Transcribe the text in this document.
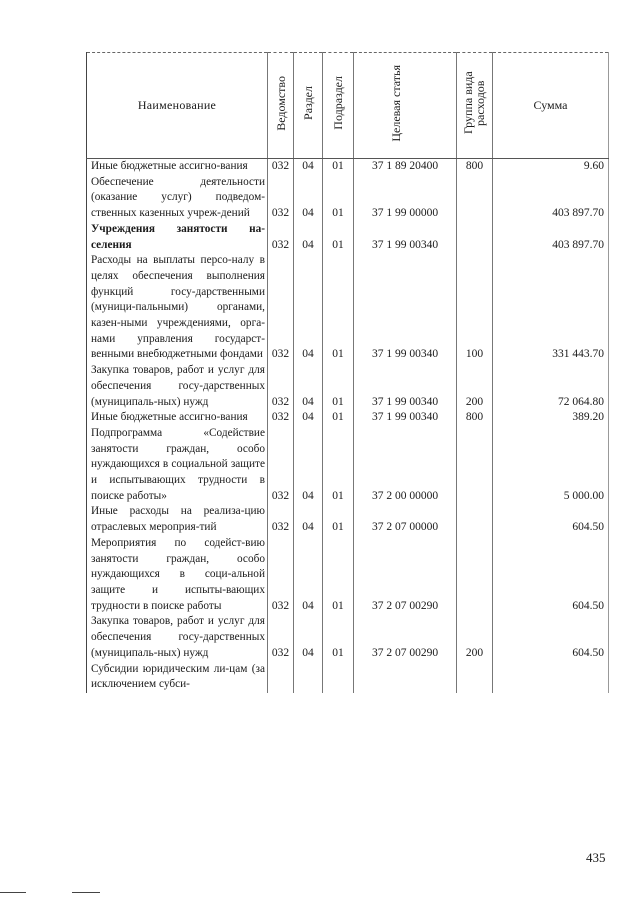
Наименование	Ведомство	Раздел	Подраздел	Целевая статья	Группа вида расходов	Сумма
Иные бюджетные ассигно-вания	032	04	01	37 1 89 20400	800	9.60
Обеспечение деятельности (оказание услуг) подведом-ственных казенных учреж-дений	032	04	01	37 1 99 00000		403 897.70
Учреждения занятости на-селения	032	04	01	37 1 99 00340		403 897.70
Расходы на выплаты персо-налу в целях обеспечения выполнения функций госу-дарственными (муници-пальными) органами, казен-ными учреждениями, орга-нами управления государст-венными внебюджетными фондами	032	04	01	37 1 99 00340	100	331 443.70
Закупка товаров, работ и услуг для обеспечения госу-дарственных (муниципаль-ных) нужд	032	04	01	37 1 99 00340	200	72 064.80
Иные бюджетные ассигно-вания	032	04	01	37 1 99 00340	800	389.20
Подпрограмма «Содействие занятости граждан, особо нуждающихся в социальной защите и испытывающих трудности в поиске работы»	032	04	01	37 2 00 00000		5 000.00
Иные расходы на реализа-цию отраслевых мероприя-тий	032	04	01	37 2 07 00000		604.50
Мероприятия по содейст-вию занятости граждан, особо нуждающихся в соци-альной защите и испыты-вающих трудности в поиске работы	032	04	01	37 2 07 00290		604.50
Закупка товаров, работ и услуг для обеспечения госу-дарственных (муниципаль-ных) нужд	032	04	01	37 2 07 00290	200	604.50
Субсидии юридическим ли-цам (за исключением субси-						
435
